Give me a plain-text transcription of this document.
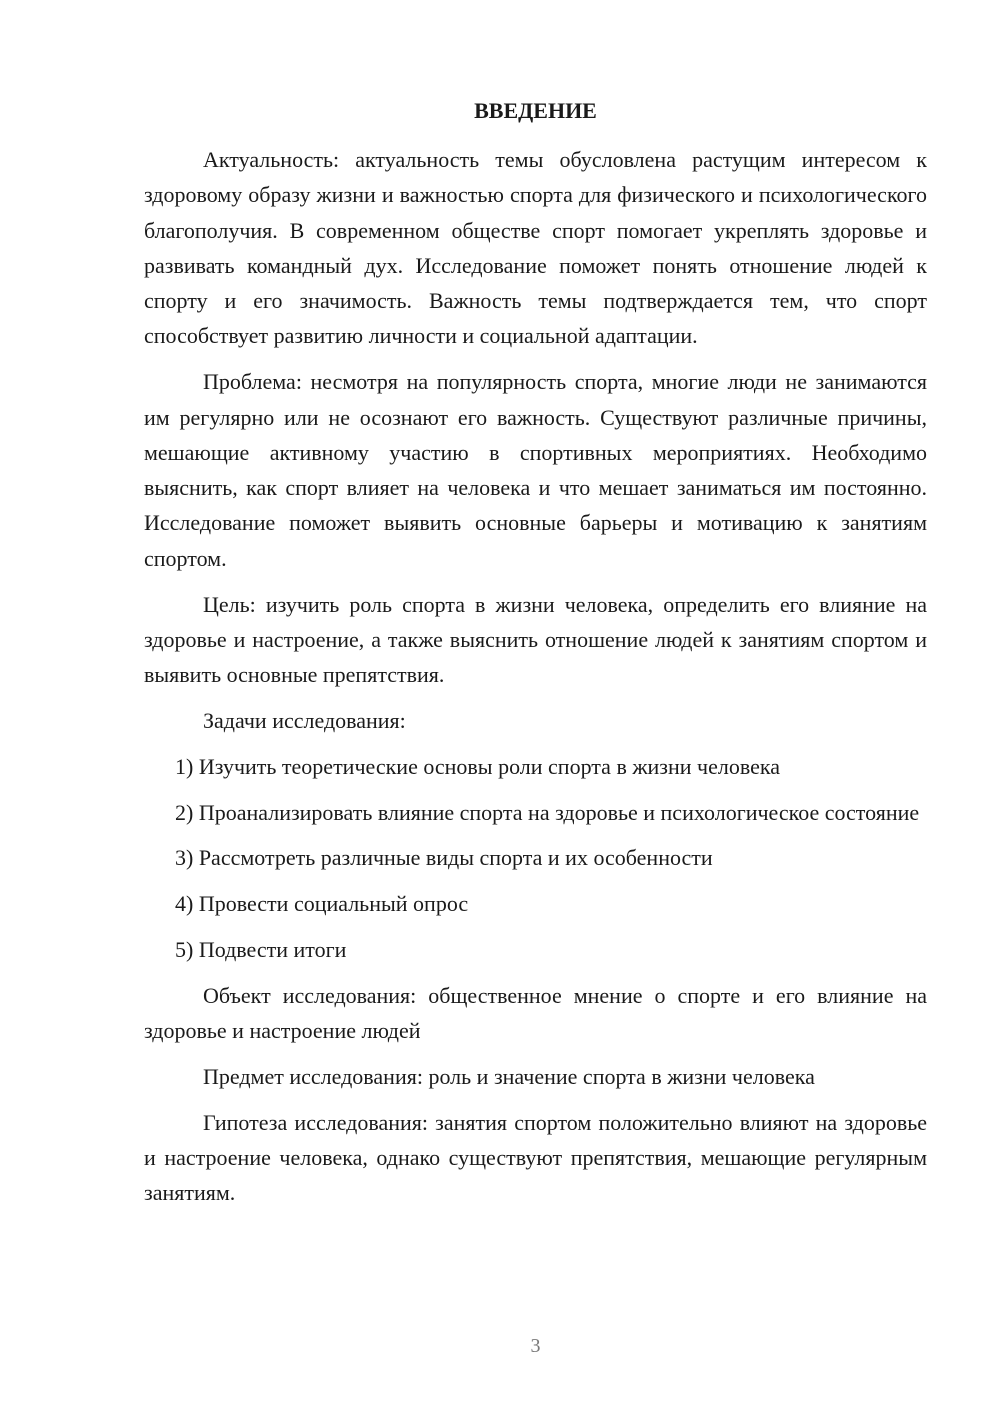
ВВЕДЕНИЕ

Актуальность: актуальность темы обусловлена растущим интересом к здоровому образу жизни и важностью спорта для физического и психологического благополучия. В современном обществе спорт помогает укреплять здоровье и развивать командный дух. Исследование поможет понять отношение людей к спорту и его значимость. Важность темы подтверждается тем, что спорт способствует развитию личности и социальной адаптации.

Проблема: несмотря на популярность спорта, многие люди не занимаются им регулярно или не осознают его важность. Существуют различные причины, мешающие активному участию в спортивных мероприятиях. Необходимо выяснить, как спорт влияет на человека и что мешает заниматься им постоянно. Исследование поможет выявить основные барьеры и мотивацию к занятиям спортом.

Цель: изучить роль спорта в жизни человека, определить его влияние на здоровье и настроение, а также выяснить отношение людей к занятиям спортом и выявить основные препятствия.

Задачи исследования:

1) Изучить теоретические основы роли спорта в жизни человека

2) Проанализировать влияние спорта на здоровье и психологическое состояние

3) Рассмотреть различные виды спорта и их особенности

4) Провести социальный опрос

5) Подвести итоги

Объект исследования: общественное мнение о спорте и его влияние на здоровье и настроение людей

Предмет исследования: роль и значение спорта в жизни человека

Гипотеза исследования: занятия спортом положительно влияют на здоровье и настроение человека, однако существуют препятствия, мешающие регулярным занятиям.

3
